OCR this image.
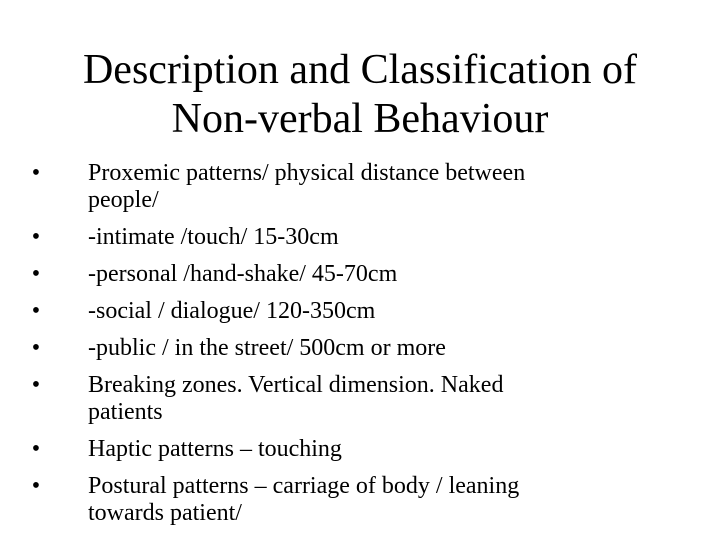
Description and Classification of
Non-verbal Behaviour
• Proxemic patterns/ physical distance between
people/
• -intimate /touch/ 15-30cm
• -personal /hand-shake/ 45-70cm
• -social / dialogue/ 120-350cm
• -public / in the street/ 500cm or more
• Breaking zones. Vertical dimension. Naked
patients
• Haptic patterns – touching
• Postural patterns – carriage of body / leaning
towards patient/
